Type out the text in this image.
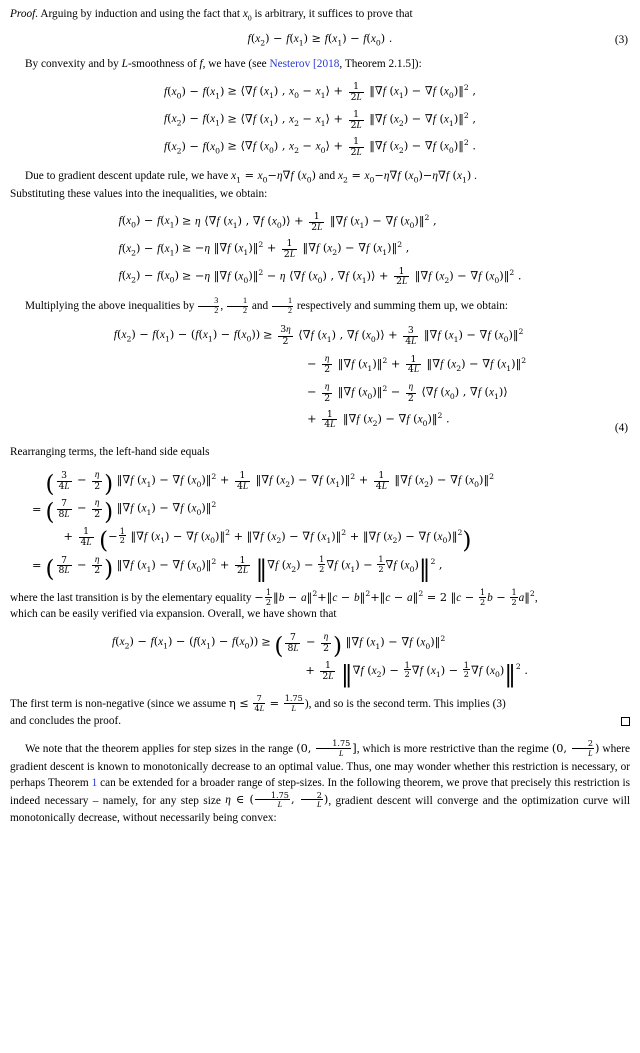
Proof. Arguing by induction and using the fact that $x_0$ is arbitrary, it suffices to prove that

$f(x_2) - f(x_1) \ge f(x_1) - f(x_0)$ .	(3)

By convexity and by L-smoothness of f, we have (see Nesterov [2018, Theorem 2.1.5]):

$f(x_0) - f(x_1)$	≥ ⟨∇f $(x_1)$ , $x_0$ − $x_1⟩ + \frac{1}{2L}$ ‖∇f $(x_1) - \nabla f$ $(x_0)‖^2$ ,
$f(x_2) - f(x_1)$	≥ ⟨∇f $(x_1)$ , $x_2$ − $x_1⟩ + \frac{1}{2L}$ ‖∇f $(x_2) - \nabla f$ $(x_1)‖^2$ ,
$f(x_2) - f(x_0)$	≥ ⟨∇f $(x_0)$ , $x_2$ − $x_0⟩ + \frac{1}{2L}$ ‖∇f $(x_2) - \nabla f$ $(x_0)‖^2$ .

Due to gradient descent update rule, we have $x_1 = x_0-\eta\nabla f$ $(x_0)$ and $x_2 = x_0-\eta\nabla f$ $(x_0)-\eta\nabla f$ $(x_1)$ .
Substituting these values into the inequalities, we obtain:

$f(x_0) - f(x_1)$	≥ η ⟨∇f $(x_1)$ , ∇f $(x_0)⟩ + \frac{1}{2L}$ ‖∇f $(x_1) - \nabla f$ $(x_0)‖^2$ ,
$f(x_2) - f(x_1)$	≥ −η ‖∇f $(x_1)‖^2 + \frac{1}{2L}$ ‖∇f $(x_2) - \nabla f$ $(x_1)‖^2$ ,
$f(x_2) - f(x_0)$	≥ −η ‖∇f $(x_0)‖^2 - \eta$ ⟨∇f $(x_0)$ , ∇f $(x_1)⟩ + \frac{1}{2L}$ ‖∇f $(x_2) - \nabla f$ $(x_0)‖^2$ .

Multiplying the above inequalities by $\frac{3}{2}$ , $\frac{1}{2}$ and $\frac{1}{2}$ respectively and summing them up, we obtain:

$f(x_2) - f(x_1) - (f(x_1) - f(x_0))$	≥ $\frac{3\eta}{2}$ ⟨∇f $(x_1)$ , ∇f $(x_0)⟩ + \frac{3}{4L}$ ‖∇f $(x_1) - \nabla f$ $(x_0)‖^2$
	− $\frac{\eta}{2}$ ‖∇f $(x_1)‖^2 + \frac{1}{4L}$ ‖∇f $(x_2) - \nabla f$ $(x_1)‖^2$
	− $\frac{\eta}{2}$ ‖∇f $(x_0)‖^2 - \frac{\eta}{2}$ ⟨∇f $(x_0)$ , ∇f $(x_1)⟩$
	+ $\frac{1}{4L}$ ‖∇f $(x_2) - \nabla f$ $(x_0)‖^2$ .
(4)

Rearranging terms, the left-hand side equals

	( $\frac{3}{4L} - \frac{\eta}{2}$ ) ‖∇f $(x_1) - \nabla f$ $(x_0)‖^2 + \frac{1}{4L}$ ‖∇f $(x_2) - \nabla f$ $(x_1)‖^2 + \frac{1}{4L}$ ‖∇f $(x_2) - \nabla f$ $(x_0)‖^2$
=	( $\frac{7}{8L} - \frac{\eta}{2}$ ) ‖∇f $(x_1) - \nabla f$ $(x_0)‖^2$
	+ $\frac{1}{4L}$ (− $\frac{1}{2}$ ‖∇f $(x_1) - \nabla f$ $(x_0)‖^2$ + ‖∇f $(x_2) - \nabla f$ $(x_1)‖^2$ + ‖∇f $(x_2) - \nabla f$ $(x_0)‖^2$)
=	( $\frac{7}{8L} - \frac{\eta}{2}$ ) ‖∇f $(x_1) - \nabla f$ $(x_0)‖^2 + \frac{1}{2L}$ ‖∇f $(x_2) - \frac{1}{2} \nabla f$ $(x_1) - \frac{1}{2} \nabla f$ $(x_0)‖^2$ ,

where the last transition is by the elementary equality − $\frac{1}{2}$ ‖b − a‖$^2$+‖c − b‖$^2$+‖c − a‖$^2$ = 2 ‖c − $\frac{1}{2}$ $b - \frac{1}{2}$ a‖$^2$,
which can be easily verified via expansion. Overall, we have shown that

$f(x_2) - f(x_1) - (f(x_1) - f(x_0))$	≥ ( $\frac{7}{8L} - \frac{\eta}{2}$ ) ‖∇f $(x_1) - \nabla f$ $(x_0)‖^2$
	+ $\frac{1}{2L}$ ‖∇f $(x_2) - \frac{1}{2} \nabla f$ $(x_1) - \frac{1}{2} \nabla f$ $(x_0)‖^2$ .

The first term is non-negative (since we assume $\eta \le \frac{7}{4L} = \frac{1.75}{L}$ ), and so is the second term. This implies (3)
and concludes the proof.

We note that the theorem applies for step sizes in the range (0, $\frac{1.75}{L}$ ], which is more restrictive than the regime (0, $\frac{2}{L}$ ) where gradient descent is known to monotonically decrease to an optimal value. Thus, one may wonder whether this restriction is necessary, or perhaps Theorem 1 can be extended for a broader range of step-sizes. In the following theorem, we prove that precisely this restriction is indeed necessary – namely, for any step size η ∈ ( $\frac{1.75}{L}$ , $\frac{2}{L}$ ), gradient descent will converge and the optimization curve will monotonically decrease, without necessarily being convex:
